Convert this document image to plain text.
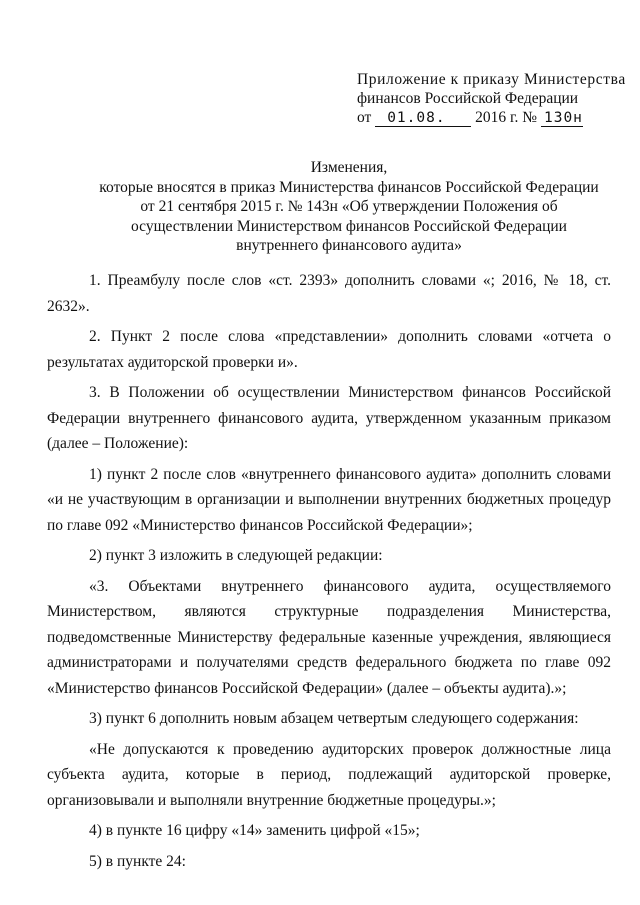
Приложение к приказу Министерства
финансов Российской Федерации
от 01.08. 2016 г. № 130н
Изменения,
которые вносятся в приказ Министерства финансов Российской Федерации
от 21 сентября 2015 г. № 143н «Об утверждении Положения об
осуществлении Министерством финансов Российской Федерации
внутреннего финансового аудита»

1. Преамбулу после слов «ст. 2393» дополнить словами «; 2016, № 18, ст. 2632».

2. Пункт 2 после слова «представлении» дополнить словами «отчета о результатах аудиторской проверки и».

3. В Положении об осуществлении Министерством финансов Российской Федерации внутреннего финансового аудита, утвержденном указанным приказом (далее – Положение):

1) пункт 2 после слов «внутреннего финансового аудита» дополнить словами «и не участвующим в организации и выполнении внутренних бюджетных процедур по главе 092 «Министерство финансов Российской Федерации»;

2) пункт 3 изложить в следующей редакции:

«3. Объектами внутреннего финансового аудита, осуществляемого Министерством, являются структурные подразделения Министерства, подведомственные Министерству федеральные казенные учреждения, являющиеся администраторами и получателями средств федерального бюджета по главе 092 «Министерство финансов Российской Федерации» (далее – объекты аудита).»;

3) пункт 6 дополнить новым абзацем четвертым следующего содержания:

«Не допускаются к проведению аудиторских проверок должностные лица субъекта аудита, которые в период, подлежащий аудиторской проверке, организовывали и выполняли внутренние бюджетные процедуры.»;

4) в пункте 16 цифру «14» заменить цифрой «15»;

5) в пункте 24:
